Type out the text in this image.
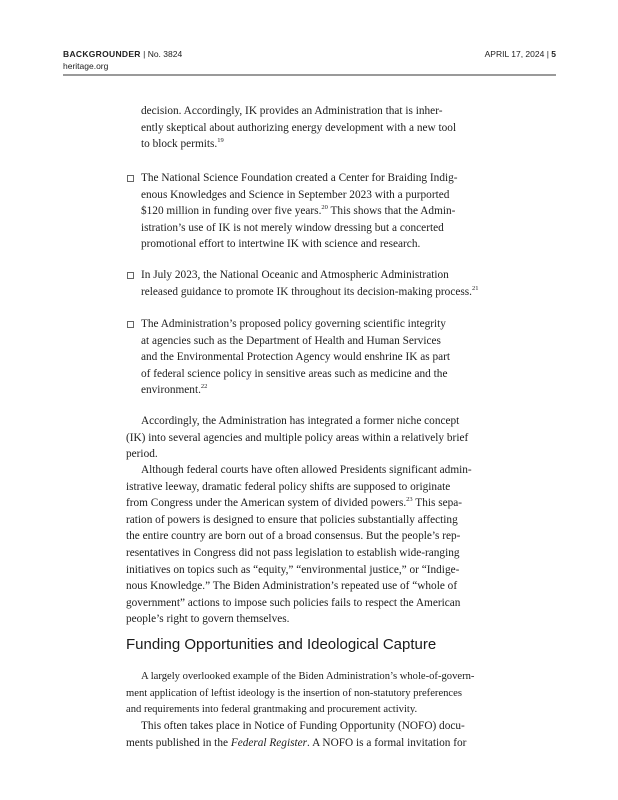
BACKGROUNDER | No. 3824
heritage.org
APRIL 17, 2024 | 5

decision. Accordingly, IK provides an Administration that is inher-

ently skeptical about authorizing energy development with a new tool

to block permits.$^{19}$

The National Science Foundation created a Center for Braiding Indig-

enous Knowledges and Science in September 2023 with a purported

$120 million in funding over five years.$^{20}$ This shows that the Admin-

istration’s use of IK is not merely window dressing but a concerted

promotional effort to intertwine IK with science and research.

In July 2023, the National Oceanic and Atmospheric Administration

released guidance to promote IK throughout its decision-making process.$^{21}$

The Administration’s proposed policy governing scientific integrity

at agencies such as the Department of Health and Human Services

and the Environmental Protection Agency would enshrine IK as part

of federal science policy in sensitive areas such as medicine and the

environment.$^{22}$

Accordingly, the Administration has integrated a former niche concept

(IK) into several agencies and multiple policy areas within a relatively brief

period.

Although federal courts have often allowed Presidents significant admin-

istrative leeway, dramatic federal policy shifts are supposed to originate

from Congress under the American system of divided powers.$^{23}$ This sepa-

ration of powers is designed to ensure that policies substantially affecting

the entire country are born out of a broad consensus. But the people’s rep-

resentatives in Congress did not pass legislation to establish wide-ranging

initiatives on topics such as “equity,” “environmental justice,” or “Indige-

nous Knowledge.” The Biden Administration’s repeated use of “whole of

government” actions to impose such policies fails to respect the American

people’s right to govern themselves.

Funding Opportunities and Ideological Capture

A largely overlooked example of the Biden Administration’s whole-of-govern-

ment application of leftist ideology is the insertion of non-statutory preferences

and requirements into federal grantmaking and procurement activity.

This often takes place in Notice of Funding Opportunity (NOFO) docu-

ments published in the Federal Register. A NOFO is a formal invitation for
